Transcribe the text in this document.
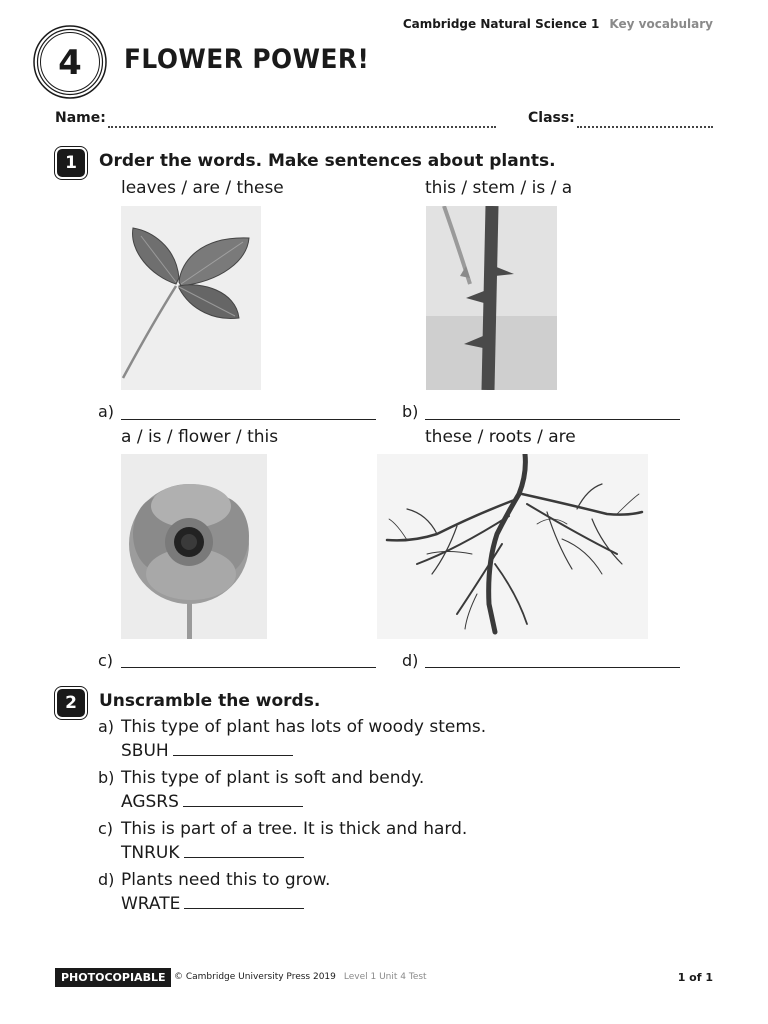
Cambridge Natural Science 1 Key vocabulary
4 FLOWER POWER!
Name:	Class:
1	Order the words. Make sentences about plants.
leaves / are / these
a)
this / stem / is / a
b)
a / is / flower / this
c)
these / roots / are
d)
2	Unscramble the words.
a) This type of plant has lots of woody stems.
SBUH
b) This type of plant is soft and bendy.
AGSRS
c) This is part of a tree. It is thick and hard.
TNRUK
d) Plants need this to grow.
WRATE
PHOTOCOPIABLE © Cambridge University Press 2019 Level 1 Unit 4 Test	1 of 1
